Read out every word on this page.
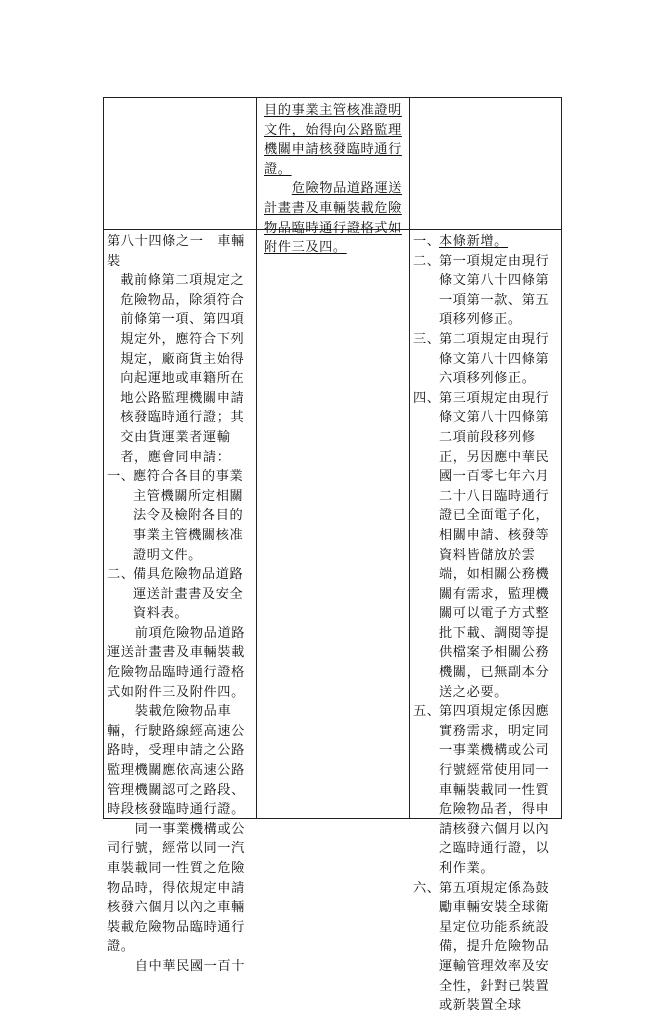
目的事業主管核准證明

文件，始得向公路監理

機關申請核發臨時通行

證。

危險物品道路運送

計畫書及車輛裝載危險

物品臨時通行證格式如

附件三及四。

第八十四條之一　車輛裝

載前條第二項規定之危險物品，除須符合前條第一項、第四項規定外，應符合下列規定，廠商貨主始得向起運地或車籍所在地公路監理機關申請核發臨時通行證；其交由貨運業者運輸者，應會同申請：

一、
應符合各目的事業主管機關所定相關法令及檢附各目的事業主管機關核准證明文件。
二、
備具危險物品道路運送計畫書及安全資料表。

前項危險物品道路運送計畫書及車輛裝載危險物品臨時通行證格式如附件三及附件四。

裝載危險物品車輛，行駛路線經高速公路時，受理申請之公路監理機關應依高速公路管理機關認可之路段、時段核發臨時通行證。

同一事業機構或公司行號，經常以同一汽車裝載同一性質之危險物品時，得依規定申請核發六個月以內之車輛裝載危險物品臨時通行證。

自中華民國一百十

一、
本條新增。
二、
第一項規定由現行條文第八十四條第一項第一款、第五項移列修正。
三、
第二項規定由現行條文第八十四條第六項移列修正。
四、
第三項規定由現行條文第八十四條第二項前段移列修正，另因應中華民國一百零七年六月二十八日臨時通行證已全面電子化，相關申請、核發等資料皆儲放於雲端，如相關公務機關有需求，監理機關可以電子方式整批下載、調閱等提供檔案予相關公務機關，已無副本分送之必要。
五、
第四項規定係因應實務需求，明定同一事業機構或公司行號經常使用同一車輛裝載同一性質危險物品者，得申請核發六個月以內之臨時通行證，以利作業。
六、
第五項規定係為鼓勵車輛安裝全球衛星定位功能系統設備，提升危險物品運輸管理效率及安全性，針對已裝置或新裝置全球
